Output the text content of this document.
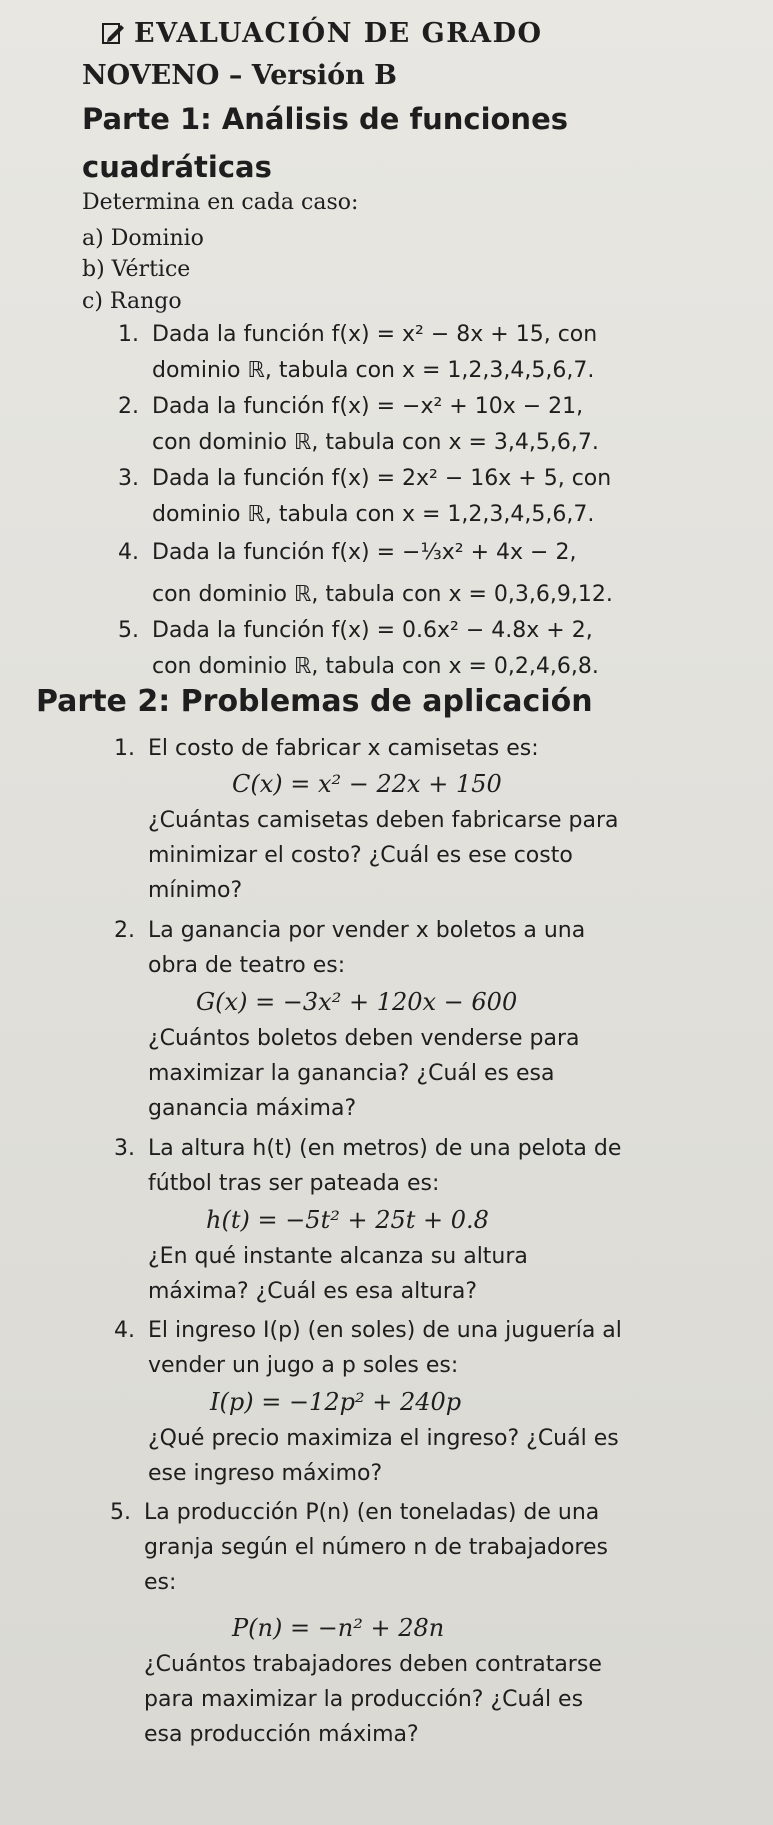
EVALUACIÓN DE GRADO
NOVENO – Versión B
Parte 1: Análisis de funciones
cuadráticas
Determina en cada caso:
a) Dominio
b) Vértice
c) Rango
1. Dada la función f(x) = x² − 8x + 15, con
dominio ℝ, tabula con x = 1,2,3,4,5,6,7.
2. Dada la función f(x) = −x² + 10x − 21,
con dominio ℝ, tabula con x = 3,4,5,6,7.
3. Dada la función f(x) = 2x² − 16x + 5, con
dominio ℝ, tabula con x = 1,2,3,4,5,6,7.
4. Dada la función f(x) = −⅓x² + 4x − 2,
con dominio ℝ, tabula con x = 0,3,6,9,12.
5. Dada la función f(x) = 0.6x² − 4.8x + 2,
con dominio ℝ, tabula con x = 0,2,4,6,8.
Parte 2: Problemas de aplicación
1. El costo de fabricar x camisetas es:
C(x) = x² − 22x + 150
¿Cuántas camisetas deben fabricarse para
minimizar el costo? ¿Cuál es ese costo
mínimo?
2. La ganancia por vender x boletos a una
obra de teatro es:
G(x) = −3x² + 120x − 600
¿Cuántos boletos deben venderse para
maximizar la ganancia? ¿Cuál es esa
ganancia máxima?
3. La altura h(t) (en metros) de una pelota de
fútbol tras ser pateada es:
h(t) = −5t² + 25t + 0.8
¿En qué instante alcanza su altura
máxima? ¿Cuál es esa altura?
4. El ingreso I(p) (en soles) de una juguería al
vender un jugo a p soles es:
I(p) = −12p² + 240p
¿Qué precio maximiza el ingreso? ¿Cuál es
ese ingreso máximo?
5. La producción P(n) (en toneladas) de una
granja según el número n de trabajadores
es:
P(n) = −n² + 28n
¿Cuántos trabajadores deben contratarse
para maximizar la producción? ¿Cuál es
esa producción máxima?
